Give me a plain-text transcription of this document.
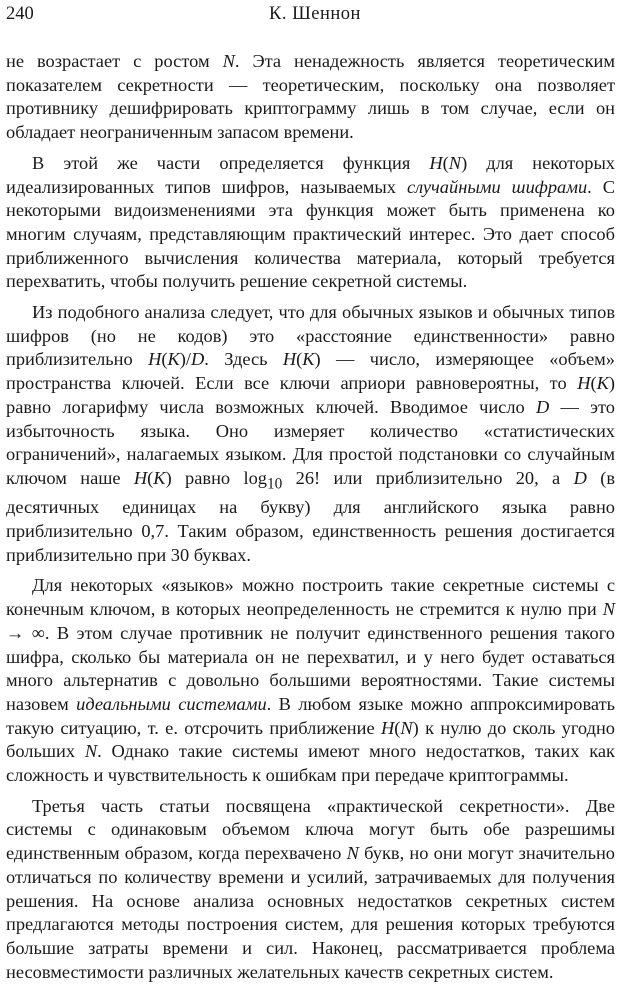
240	К. Шеннон

не возрастает с ростом N. Эта ненадежность является теоретическим показателем секретности — теоретическим, поскольку она позволяет противнику дешифрировать криптограмму лишь в том случае, если он обладает неограниченным запасом времени.

В этой же части определяется функция H(N) для некоторых идеализированных типов шифров, называемых случайными шифрами. С некоторыми видоизменениями эта функция может быть применена ко многим случаям, представляющим практический интерес. Это дает способ приближенного вычисления количества материала, который требуется перехватить, чтобы получить решение секретной системы.

Из подобного анализа следует, что для обычных языков и обычных типов шифров (но не кодов) это «расстояние единственности» равно приблизительно H(K)/D. Здесь H(K) — число, измеряющее «объем» пространства ключей. Если все ключи априори равновероятны, то H(K) равно логарифму числа возможных ключей. Вводимое число D — это избыточность языка. Оно измеряет количество «статистических ограничений», налагаемых языком. Для простой подстановки со случайным ключом наше H(K) равно $\log_{10} 26$! или приблизительно 20, а D (в десятичных единицах на букву) для английского языка равно приблизительно 0,7. Таким образом, единственность решения достигается приблизительно при 30 буквах.

Для некоторых «языков» можно построить такие секретные системы с конечным ключом, в которых неопределенность не стремится к нулю при N → ∞. В этом случае противник не получит единственного решения такого шифра, сколько бы материала он не перехватил, и у него будет оставаться много альтернатив с довольно большими вероятностями. Такие системы назовем идеальными системами. В любом языке можно аппроксимировать такую ситуацию, т. е. отсрочить приближение H(N) к нулю до сколь угодно больших N. Однако такие системы имеют много недостатков, таких как сложность и чувствительность к ошибкам при передаче криптограммы.

Третья часть статьи посвящена «практической секретности». Две системы с одинаковым объемом ключа могут быть обе разрешимы единственным образом, когда перехвачено N букв, но они могут значительно отличаться по количеству времени и усилий, затрачиваемых для получения решения. На основе анализа основных недостатков секретных систем предлагаются методы построения систем, для решения которых требуются большие затраты времени и сил. Наконец, рассматривается проблема несовместимости различных желательных качеств секретных систем.
